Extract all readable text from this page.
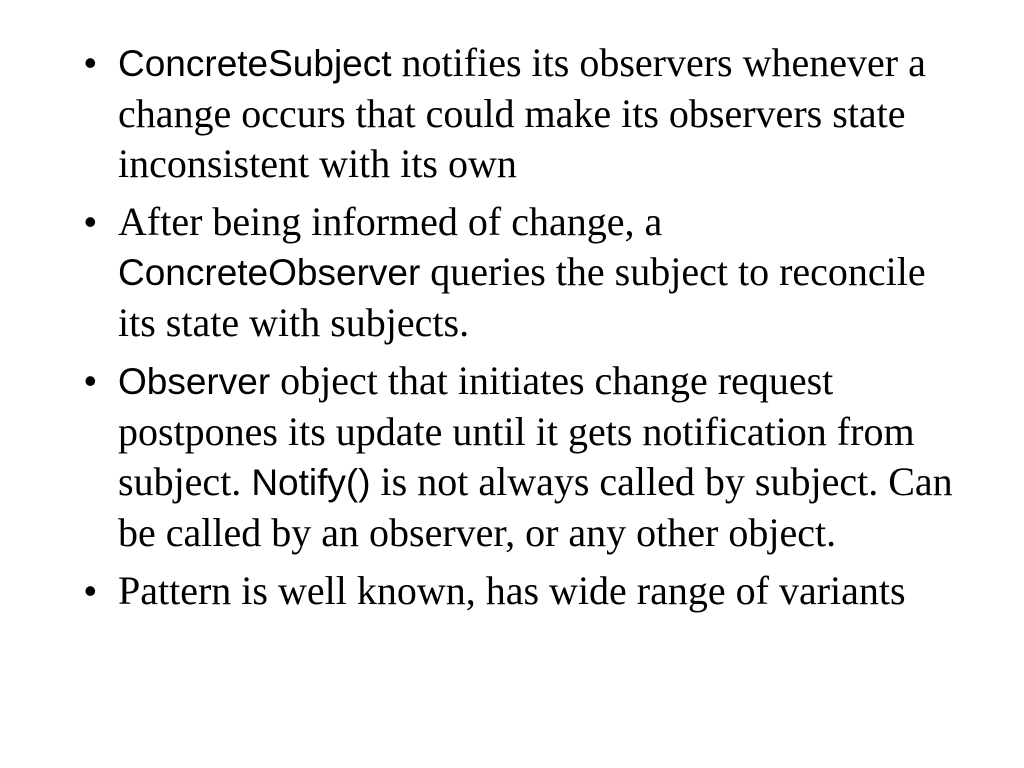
• ConcreteSubject notifies its observers whenever a change occurs that could make its observers state inconsistent with its own
• After being informed of change, a ConcreteObserver queries the subject to reconcile its state with subjects.
• Observer object that initiates change request postpones its update until it gets notification from subject. Notify() is not always called by subject. Can be called by an observer, or any other object.
• Pattern is well known, has wide range of variants
